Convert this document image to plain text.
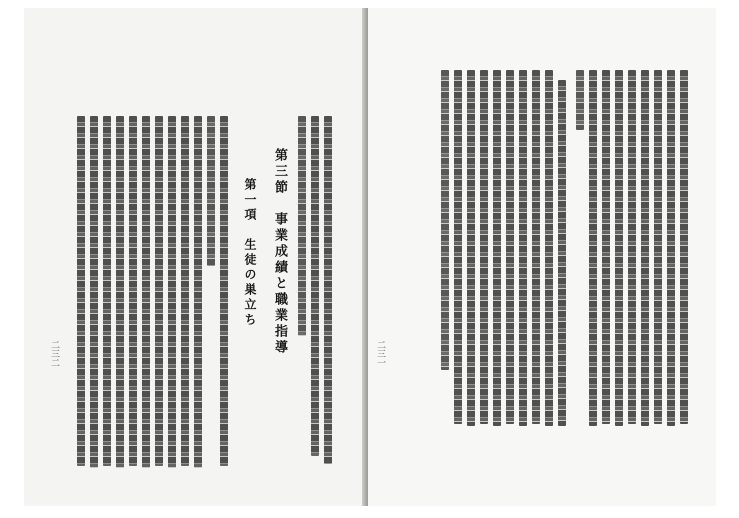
第三節　事業成績と職業指導
第一項　生徒の巣立ち
二三二	二三一
